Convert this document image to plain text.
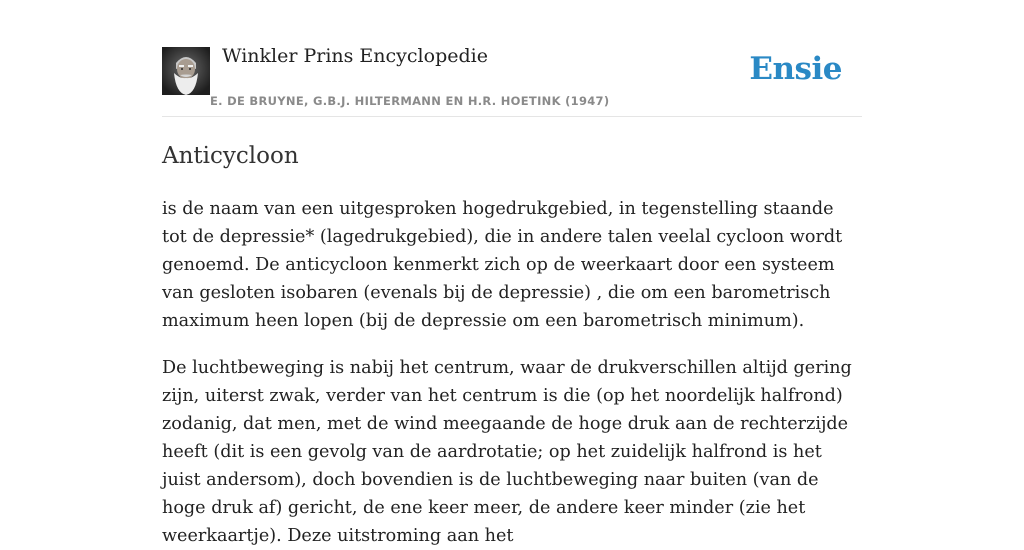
Winkler Prins Encyclopedie
E. DE BRUYNE, G.B.J. HILTERMANN EN H.R. HOETINK (1947)
Ensie
Anticycloon

is de naam van een uitgesproken hogedrukgebied, in tegenstelling staande tot de depressie* (lagedrukgebied), die in andere talen veelal cycloon wordt genoemd. De anticycloon kenmerkt zich op de weerkaart door een systeem van gesloten isobaren (evenals bij de depressie) , die om een barometrisch maximum heen lopen (bij de depressie om een barometrisch minimum).

De luchtbeweging is nabij het centrum, waar de drukverschillen altijd gering zijn, uiterst zwak, verder van het centrum is die (op het noordelijk halfrond) zodanig, dat men, met de wind meegaande de hoge druk aan de rechterzijde heeft (dit is een gevolg van de aardrotatie; op het zuidelijk halfrond is het juist andersom), doch bovendien is de luchtbeweging naar buiten (van de hoge druk af) gericht, de ene keer meer, de andere keer minder (zie het weerkaartje). Deze uitstroming aan het
